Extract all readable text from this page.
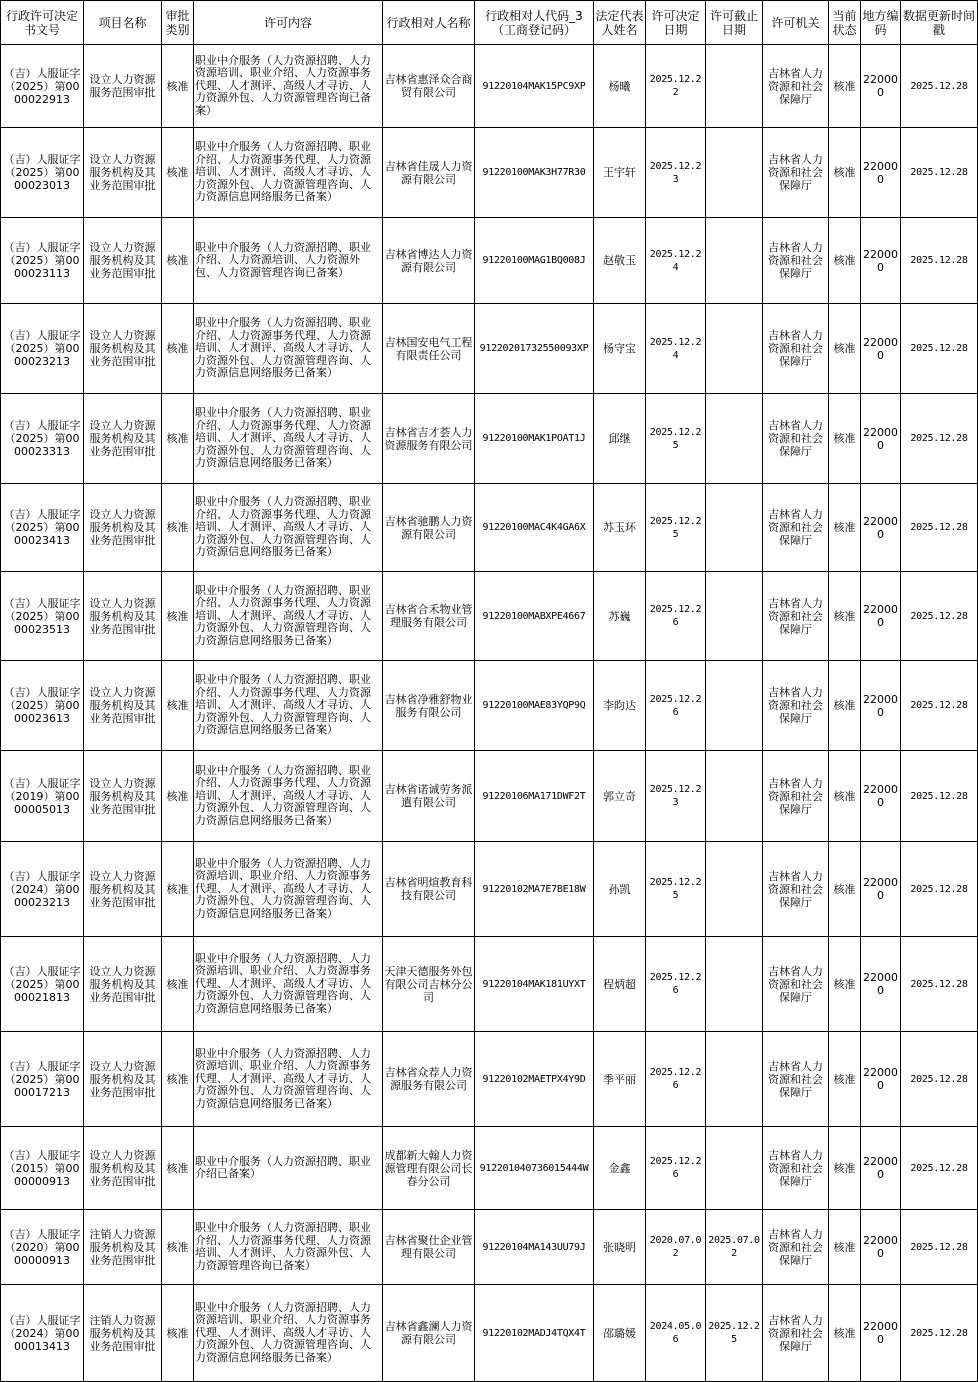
行政许可决定书文号	项目名称	审批类别	许可内容	行政相对人名称	行政相对人代码_3（工商登记码）	法定代表人姓名	许可决定日期	许可截止日期	许可机关	当前状态	地方编码	数据更新时间戳
（吉）人服证字（2025）第0000022913	设立人力资源服务范围审批	核准	职业中介服务（人力资源招聘、人力资源培训、职业介绍、人力资源事务代理、人才测评、高级人才寻访、人力资源外包、人力资源管理咨询已备案）	吉林省惠泽众合商贸有限公司	91220104MAK15PC9XP	杨曦	2025.12.22		吉林省人力资源和社会保障厅	核准	220000	2025.12.28
（吉）人服证字（2025）第0000023013	设立人力资源服务机构及其业务范围审批	核准	职业中介服务（人力资源招聘、职业介绍、人力资源事务代理、人力资源培训、人才测评、高级人才寻访、人力资源外包、人力资源管理咨询、人力资源信息网络服务已备案）	吉林省佳晟人力资源有限公司	91220100MAK3H77R30	王宇轩	2025.12.23		吉林省人力资源和社会保障厅	核准	220000	2025.12.28
（吉）人服证字（2025）第0000023113	设立人力资源服务机构及其业务范围审批	核准	职业中介服务（人力资源招聘、职业介绍、人力资源培训、人力资源外包、人力资源管理咨询已备案）	吉林省博达人力资源有限公司	91220100MAG1BQ008J	赵敬玉	2025.12.24		吉林省人力资源和社会保障厅	核准	220000	2025.12.28
（吉）人服证字（2025）第0000023213	设立人力资源服务机构及其业务范围审批	核准	职业中介服务（人力资源招聘、职业介绍、人力资源事务代理、人力资源培训、人才测评、高级人才寻访、人力资源外包、人力资源管理咨询、人力资源信息网络服务已备案）	吉林国安电气工程有限责任公司	91220201732550093XP	杨守宝	2025.12.24		吉林省人力资源和社会保障厅	核准	220000	2025.12.28
（吉）人服证字（2025）第0000023313	设立人力资源服务机构及其业务范围审批	核准	职业中介服务（人力资源招聘、职业介绍、人力资源事务代理、人力资源培训、人才测评、高级人才寻访、人力资源外包、人力资源管理咨询、人力资源信息网络服务已备案）	吉林省吉才荟人力资源服务有限公司	91220100MAK1POAT1J	邱继	2025.12.25		吉林省人力资源和社会保障厅	核准	220000	2025.12.28
（吉）人服证字（2025）第0000023413	设立人力资源服务机构及其业务范围审批	核准	职业中介服务（人力资源招聘、职业介绍、人力资源事务代理、人力资源培训、人才测评、高级人才寻访、人力资源外包、人力资源管理咨询、人力资源信息网络服务已备案）	吉林省驰鹏人力资源有限公司	91220100MAC4K4GA6X	苏玉环	2025.12.25		吉林省人力资源和社会保障厅	核准	220000	2025.12.28
（吉）人服证字（2025）第0000023513	设立人力资源服务机构及其业务范围审批	核准	职业中介服务（人力资源招聘、职业介绍、人力资源事务代理、人力资源培训、人才测评、高级人才寻访、人力资源外包、人力资源管理咨询、人力资源信息网络服务已备案）	吉林省合禾物业管理服务有限公司	91220100MABXPE4667	苏巍	2025.12.26		吉林省人力资源和社会保障厅	核准	220000	2025.12.28
（吉）人服证字（2025）第0000023613	设立人力资源服务机构及其业务范围审批	核准	职业中介服务（人力资源招聘、职业介绍、人力资源事务代理、人力资源培训、人才测评、高级人才寻访、人力资源外包、人力资源管理咨询、人力资源信息网络服务已备案）	吉林省净雅舒物业服务有限公司	91220100MAE83YQP9Q	李昀达	2025.12.26		吉林省人力资源和社会保障厅	核准	220000	2025.12.28
（吉）人服证字（2019）第0000005013	设立人力资源服务机构及其业务范围审批	核准	职业中介服务（人力资源招聘、职业介绍、人力资源事务代理、人力资源培训、人才测评、高级人才寻访、人力资源外包、人力资源管理咨询、人力资源信息网络服务已备案）	吉林省诺诚劳务派遣有限公司	91220106MA171DWF2T	郭立奇	2025.12.23		吉林省人力资源和社会保障厅	核准	220000	2025.12.28
（吉）人服证字（2024）第0000023213	设立人力资源服务机构及其业务范围审批	核准	职业中介服务（人力资源招聘、人力资源培训、职业介绍、人力资源事务代理、人才测评、高级人才寻访、人力资源外包、人力资源管理咨询、人力资源信息网络服务已备案）	吉林省明煊教育科技有限公司	91220102MA7E7BE18W	孙凯	2025.12.25		吉林省人力资源和社会保障厅	核准	220000	2025.12.28
（吉）人服证字（2025）第0000021813	设立人力资源服务机构及其业务范围审批	核准	职业中介服务（人力资源招聘、人力资源培训、职业介绍、人力资源事务代理、人才测评、高级人才寻访、人力资源外包、人力资源管理咨询、人力资源信息网络服务已备案）	天津天德服务外包有限公司吉林分公司	91220104MAK181UYXT	程炳超	2025.12.26		吉林省人力资源和社会保障厅	核准	220000	2025.12.28
（吉）人服证字（2025）第0000017213	设立人力资源服务机构及其业务范围审批	核准	职业中介服务（人力资源招聘、人力资源培训、职业介绍、人力资源事务代理、人才测评、高级人才寻访、人力资源外包、人力资源管理咨询、人力资源信息网络服务已备案）	吉林省众荐人力资源服务有限公司	91220102MAETPX4Y9D	季平丽	2025.12.26		吉林省人力资源和社会保障厅	核准	220000	2025.12.28
（吉）人服证字（2015）第0000000913	设立人力资源服务机构及其业务范围审批	核准	职业中介服务（人力资源招聘、职业介绍已备案）	成都新大翰人力资源管理有限公司长春分公司	912201040736015444W	金鑫	2025.12.26		吉林省人力资源和社会保障厅	核准	220000	2025.12.28
（吉）人服证字（2020）第0000000913	注销人力资源服务机构及其业务范围审批	核准	职业中介服务（人力资源招聘、职业介绍、人力资源事务代理、人力资源培训、人才测评、人力资源外包、人力资源管理咨询已备案）	吉林省聚仕企业管理有限公司	91220104MA143UU79J	张晓明	2020.07.02	2025.07.02	吉林省人力资源和社会保障厅	核准	220000	2025.12.28
（吉）人服证字（2024）第0000013413	注销人力资源服务机构及其业务范围审批	核准	职业中介服务（人力资源招聘、人力资源培训、职业介绍、人力资源事务代理、人才测评、高级人才寻访、人力资源外包、人力资源管理咨询、人力资源信息网络服务已备案）	吉林省鑫澜人力资源有限公司	91220102MADJ4TQX4T	邵璐媛	2024.05.06	2025.12.25	吉林省人力资源和社会保障厅	核准	220000	2025.12.28
